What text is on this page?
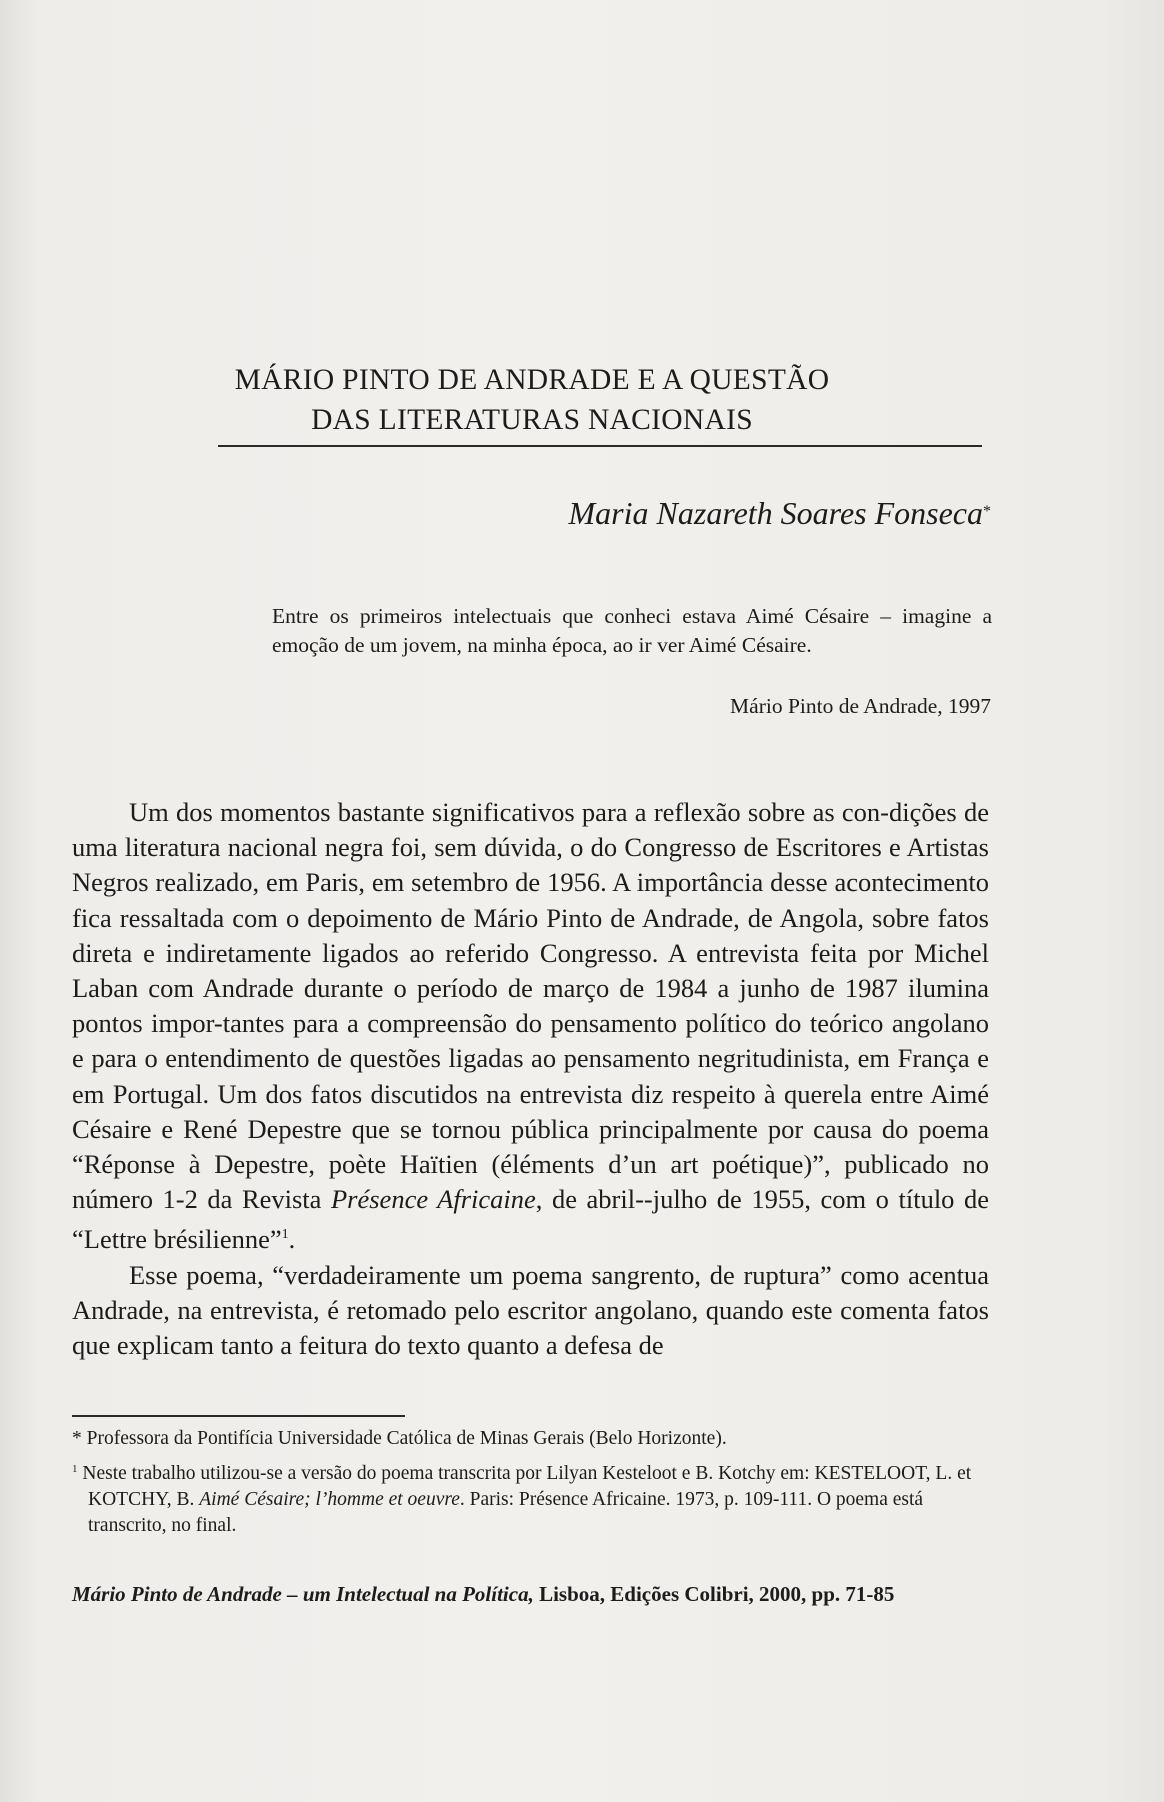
MÁRIO PINTO DE ANDRADE E A QUESTÃO
DAS LITERATURAS NACIONAIS
Maria Nazareth Soares Fonseca*
Entre os primeiros intelectuais que conheci estava Aimé Césaire – imagine a emoção de um jovem, na minha época, ao ir ver Aimé Césaire.
Mário Pinto de Andrade, 1997

Um dos momentos bastante significativos para a reflexão sobre as con-dições de uma literatura nacional negra foi, sem dúvida, o do Congresso de Escritores e Artistas Negros realizado, em Paris, em setembro de 1956. A importância desse acontecimento fica ressaltada com o depoimento de Mário Pinto de Andrade, de Angola, sobre fatos direta e indiretamente ligados ao referido Congresso. A entrevista feita por Michel Laban com Andrade durante o período de março de 1984 a junho de 1987 ilumina pontos impor-tantes para a compreensão do pensamento político do teórico angolano e para o entendimento de questões ligadas ao pensamento negritudinista, em França e em Portugal. Um dos fatos discutidos na entrevista diz respeito à querela entre Aimé Césaire e René Depestre que se tornou pública principalmente por causa do poema “Réponse à Depestre, poète Haïtien (éléments d’un art poétique)”, publicado no número 1-2 da Revista Présence Africaine, de abril--julho de 1955, com o título de “Lettre brésilienne”$^1$.

Esse poema, “verdadeiramente um poema sangrento, de ruptura” como acentua Andrade, na entrevista, é retomado pelo escritor angolano, quando este comenta fatos que explicam tanto a feitura do texto quanto a defesa de

* Professora da Pontifícia Universidade Católica de Minas Gerais (Belo Horizonte).

$^1$ Neste trabalho utilizou-se a versão do poema transcrita por Lilyan Kesteloot e B. Kotchy em: KESTELOOT, L. et KOTCHY, B. Aimé Césaire; l’homme et oeuvre. Paris: Présence Africaine. 1973, p. 109-111. O poema está transcrito, no final.

Mário Pinto de Andrade – um Intelectual na Política, Lisboa, Edições Colibri, 2000, pp. 71-85
